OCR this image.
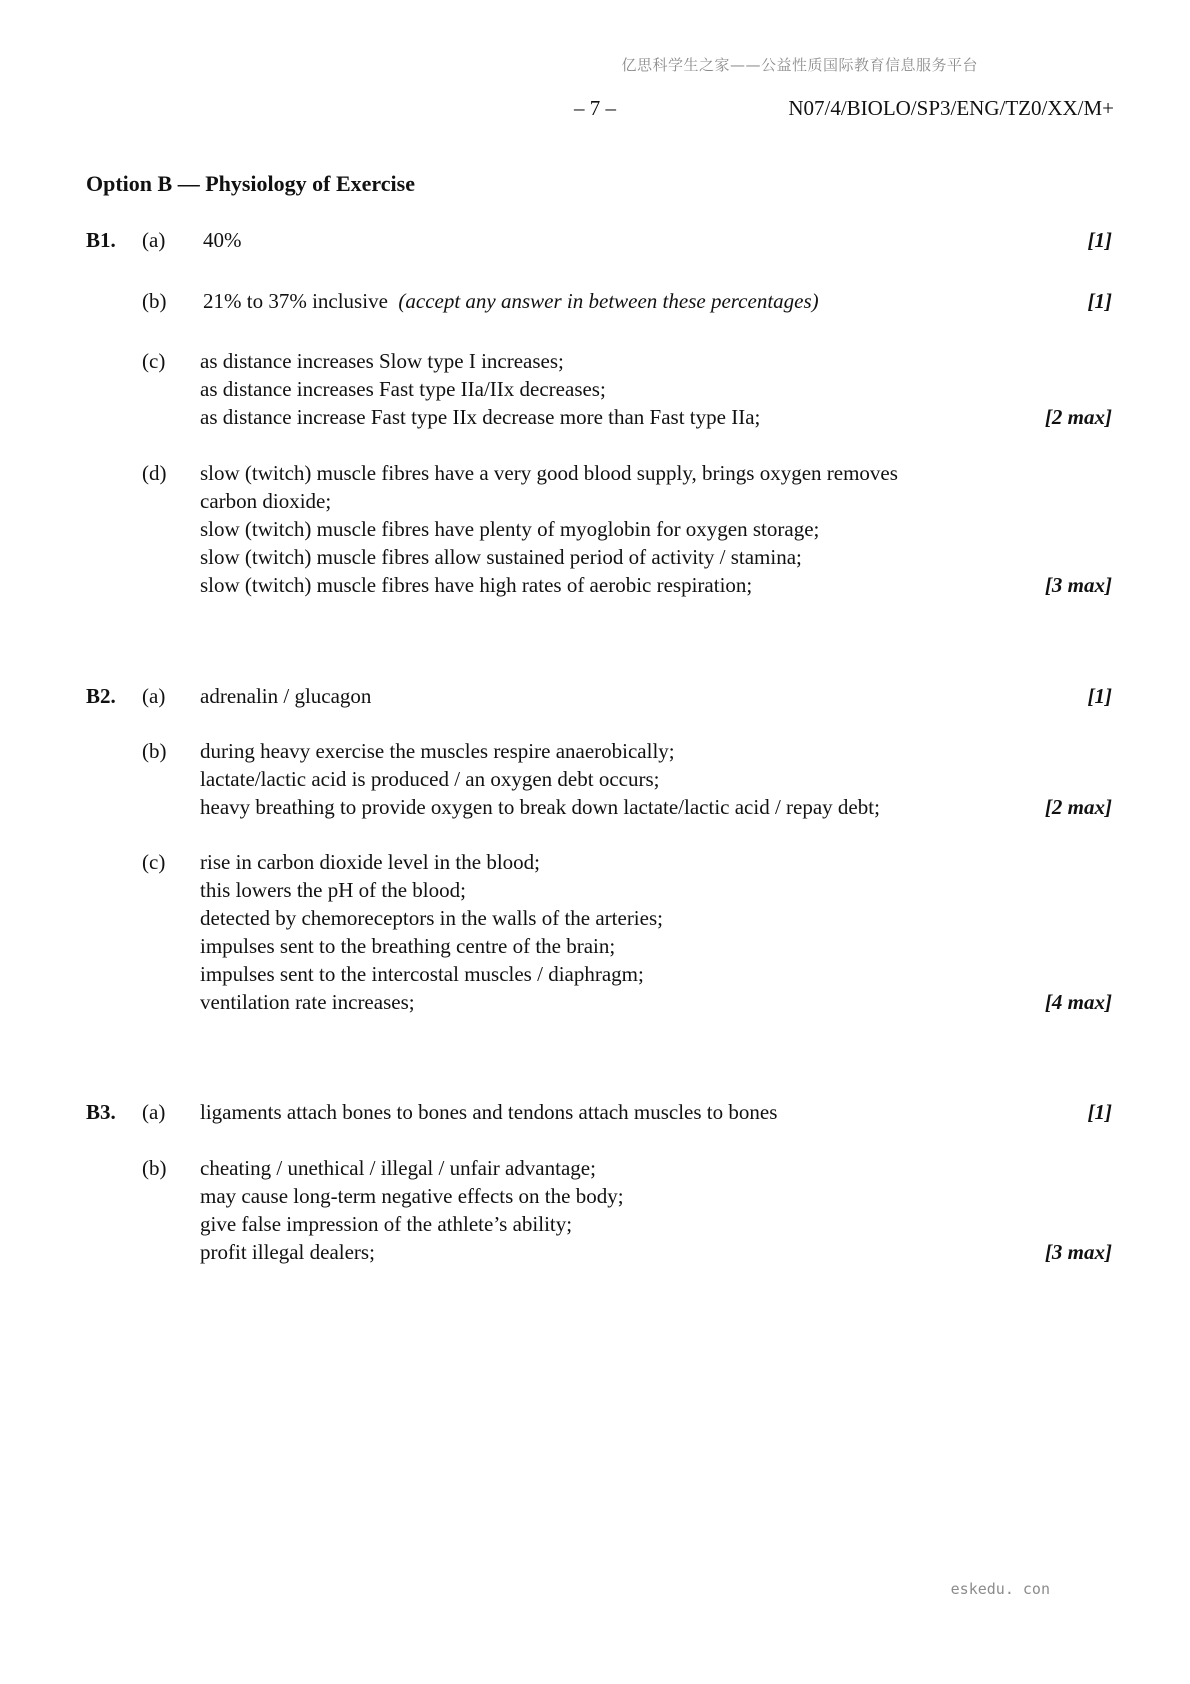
亿思科学生之家——公益性质国际教育信息服务平台
– 7 –	N07/4/BIOLO/SP3/ENG/TZ0/XX/M+
Option B — Physiology of Exercise
B1. (a) 40%	[1]
(b) 21% to 37% inclusive (accept any answer in between these percentages)	[1]
(c) as distance increases Slow type I increases;
as distance increases Fast type IIa/IIx decreases;
as distance increase Fast type IIx decrease more than Fast type IIa;	[2 max]
(d) slow (twitch) muscle fibres have a very good blood supply, brings oxygen removes
carbon dioxide;
slow (twitch) muscle fibres have plenty of myoglobin for oxygen storage;
slow (twitch) muscle fibres allow sustained period of activity / stamina;
slow (twitch) muscle fibres have high rates of aerobic respiration;	[3 max]
B2. (a) adrenalin / glucagon	[1]
(b) during heavy exercise the muscles respire anaerobically;
lactate/lactic acid is produced / an oxygen debt occurs;
heavy breathing to provide oxygen to break down lactate/lactic acid / repay debt;	[2 max]
(c) rise in carbon dioxide level in the blood;
this lowers the pH of the blood;
detected by chemoreceptors in the walls of the arteries;
impulses sent to the breathing centre of the brain;
impulses sent to the intercostal muscles / diaphragm;
ventilation rate increases;	[4 max]
B3. (a) ligaments attach bones to bones and tendons attach muscles to bones	[1]
(b) cheating / unethical / illegal / unfair advantage;
may cause long-term negative effects on the body;
give false impression of the athlete’s ability;
profit illegal dealers;	[3 max]
eskedu. con
